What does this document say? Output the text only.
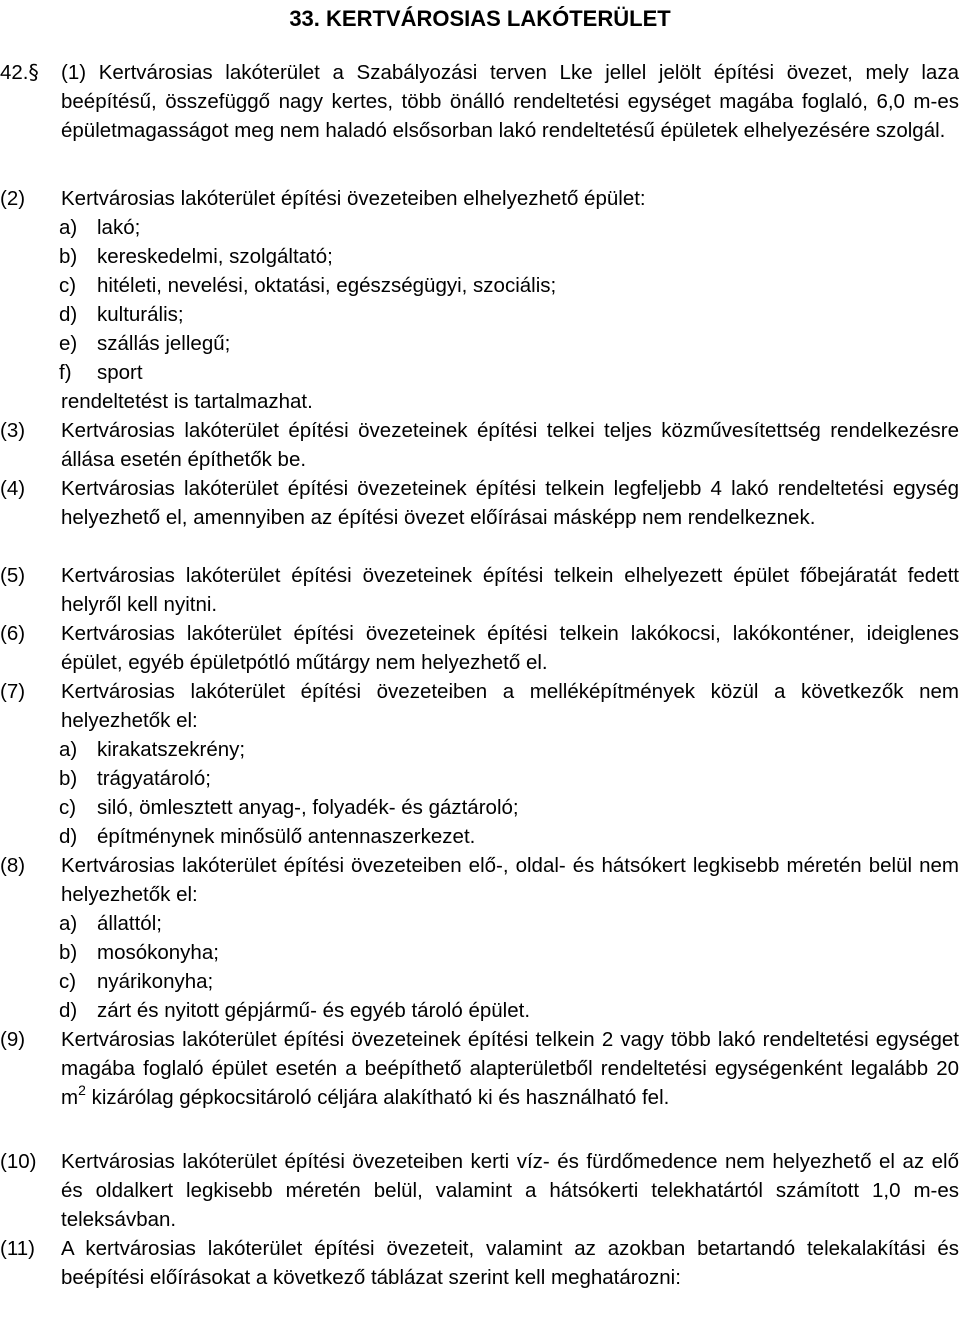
33. KERTVÁROSIAS LAKÓTERÜLET
42.§ (1) Kertvárosias lakóterület a Szabályozási terven Lke jellel jelölt építési övezet, mely laza beépítésű, összefüggő nagy kertes, több önálló rendeltetési egységet magába foglaló, 6,0 m-es épületmagasságot meg nem haladó elsősorban lakó rendeltetésű épületek elhelyezésére szolgál.
(2) Kertvárosias lakóterület építési övezeteiben elhelyezhető épület:
a) lakó;
b) kereskedelmi, szolgáltató;
c) hitéleti, nevelési, oktatási, egészségügyi, szociális;
d) kulturális;
e) szállás jellegű;
f) sport
rendeltetést is tartalmazhat.
(3) Kertvárosias lakóterület építési övezeteinek építési telkei teljes közművesítettség rendelkezésre állása esetén építhetők be.
(4) Kertvárosias lakóterület építési övezeteinek építési telkein legfeljebb 4 lakó rendeltetési egység helyezhető el, amennyiben az építési övezet előírásai másképp nem rendelkeznek.
(5) Kertvárosias lakóterület építési övezeteinek építési telkein elhelyezett épület főbejáratát fedett helyről kell nyitni.
(6) Kertvárosias lakóterület építési övezeteinek építési telkein lakókocsi, lakókonténer, ideiglenes épület, egyéb épületpótló műtárgy nem helyezhető el.
(7) Kertvárosias lakóterület építési övezeteiben a melléképítmények közül a következők nem helyezhetők el:
a) kirakatszekrény;
b) trágyatároló;
c) siló, ömlesztett anyag-, folyadék- és gáztároló;
d) építménynek minősülő antennaszerkezet.
(8) Kertvárosias lakóterület építési övezeteiben elő-, oldal- és hátsókert legkisebb méretén belül nem helyezhetők el:
a) állattól;
b) mosókonyha;
c) nyárikonyha;
d) zárt és nyitott gépjármű- és egyéb tároló épület.
(9) Kertvárosias lakóterület építési övezeteinek építési telkein 2 vagy több lakó rendeltetési egységet magába foglaló épület esetén a beépíthető alapterületből rendeltetési egységenként legalább 20 $m^2$ kizárólag gépkocsitároló céljára alakítható ki és használható fel.
(10) Kertvárosias lakóterület építési övezeteiben kerti víz- és fürdőmedence nem helyezhető el az elő és oldalkert legkisebb méretén belül, valamint a hátsókerti telekhatártól számított 1,0 m-es teleksávban.
(11) A kertvárosias lakóterület építési övezeteit, valamint az azokban betartandó telekalakítási és beépítési előírásokat a következő táblázat szerint kell meghatározni:
